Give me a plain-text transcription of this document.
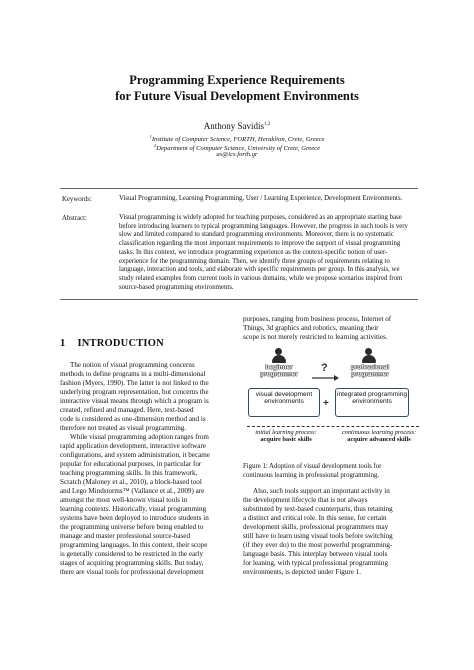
Programming Experience Requirements
for Future Visual Development Environments
Anthony Savidis$^{1,2}$
$^1$Institute of Computer Science, FORTH, Heraklion, Crete, Greece
$^2$Department of Computer Science, University of Crete, Greece
as@ics.forth.gr
Keywords:	Visual Programming, Learning Programming, User / Learning Experience, Development Environments.
Abstract:	Visual programming is widely adopted for teaching purposes, considered as an appropriate starting base
before introducing learners to typical programming languages. However, the progress in such tools is very
slow and limited compared to standard programming environments. Moreover, there is no systematic
classification regarding the most important requirements to improve the support of visual programming
tasks. In this context, we introduce programming experience as the context-specific notion of user-
experience for the programming domain. Then, we identify three groups of requirements relating to
language, interaction and tools, and elaborate with specific requirements per group. In this analysis, we
study related examples from current tools in various domains, while we propose scenarios inspired from
source-based programming environments.
1 INTRODUCTION

The notion of visual programming concerns

methods to define programs in a multi-dimensional

fashion (Myers, 1990). The latter is not linked to the

underlying program representation, but concerns the

interactive visual means through which a program is

created, refined and managed. Here, text-based

code is considered as one-dimension method and is

therefore not treated as visual programming.

While visual programming adoption ranges from

rapid application development, interactive software

configurations, and system administration, it became

popular for educational purposes, in particular for

teaching programming skills. In this framework,

Scratch (Maloney et al., 2010), a block-based tool

and Lego Mindstorms™ (Vallance et al., 2009) are

amongst the most well-known visual tools in

learning contexts. Historically, visual programming

systems have been deployed to introduce students in

the programming universe before being enabled to

manage and master professional source-based

programming languages. In this context, their scope

is generally considered to be restricted in the early

stages of acquiring programming skills. But today,

there are visual tools for professional development

purposes, ranging from business process, Internet of

Things, 3d graphics and robotics, meaning their

scope is not merely restricted to learning activities.

beginner programmer
professional programmer
?
visual development environments
integrated programming environments
+
initial learning process: acquire basic skills
continuous learning process: acquire advanced skills
Figure 1: Adoption of visual development tools for
continuous learning in professional programming.

Also, such tools support an important activity in

the development lifecycle that is not always

substituted by text-based counterparts, thus retaining

a distinct and critical role. In this sense, for certain

development skills, professional programmers may

still have to learn using visual tools before switching

(if they ever do) to the most powerful programming-

language basis. This interplay between visual tools

for leaning, with typical professional programming

environments, is depicted under Figure 1.
